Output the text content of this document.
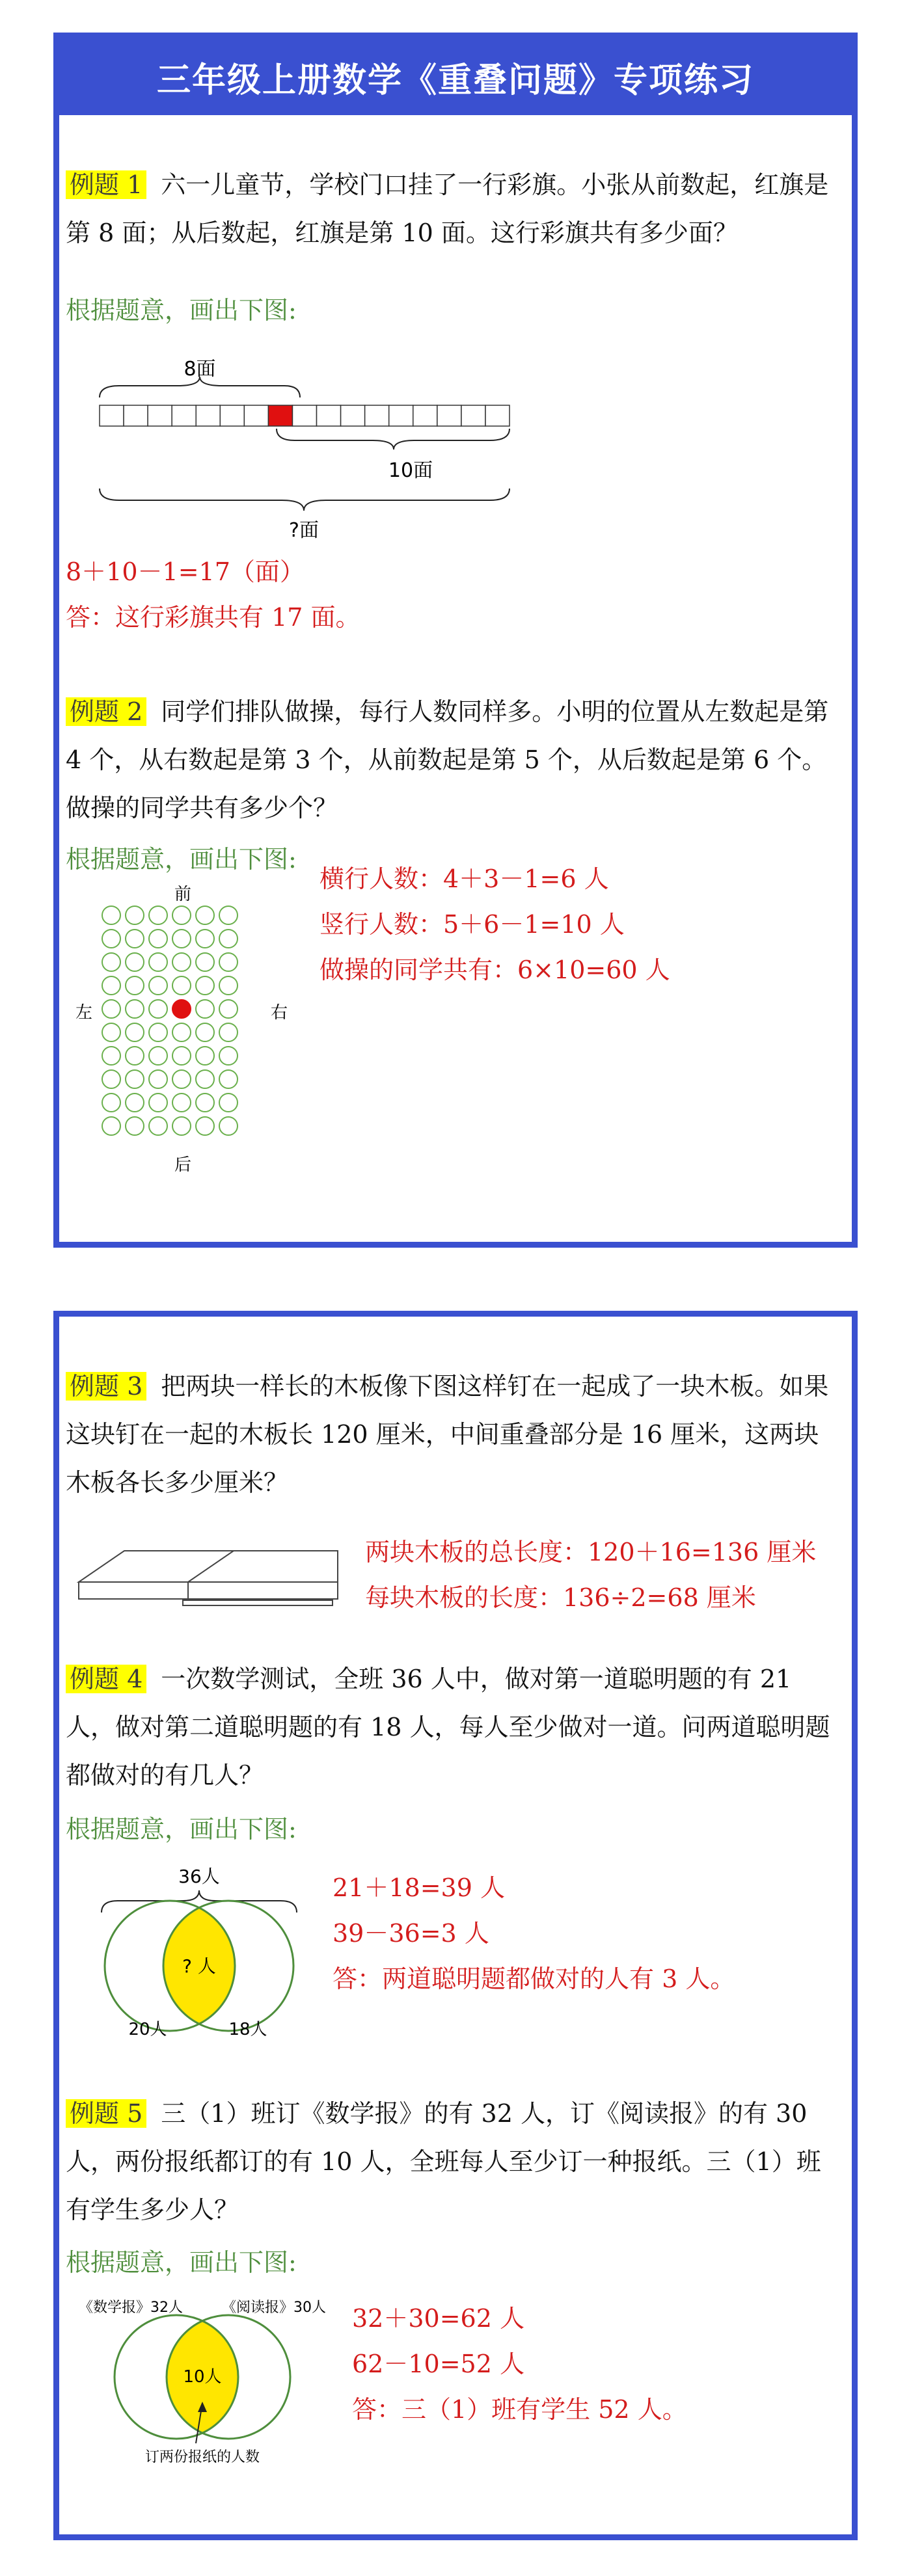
三年级上册数学《重叠问题》专项练习

例题 1 六一儿童节，学校门口挂了一行彩旗。小张从前数起，红旗是第 8 面；从后数起，红旗是第 10 面。这行彩旗共有多少面？

根据题意，画出下图:

8面
10面
?面

8＋10－1=17（面）

答：这行彩旗共有 17 面。

例题 2 同学们排队做操，每行人数同样多。小明的位置从左数起是第 4 个，从右数起是第 3 个，从前数起是第 5 个，从后数起是第 6 个。做操的同学共有多少个？

根据题意，画出下图:

前
左	右
后

横行人数：4＋3－1=6 人

竖行人数：5＋6－1=10 人

做操的同学共有：6×10=60 人

例题 3 把两块一样长的木板像下图这样钉在一起成了一块木板。如果这块钉在一起的木板长 120 厘米，中间重叠部分是 16 厘米，这两块木板各长多少厘米？

两块木板的总长度：120＋16=136 厘米

每块木板的长度：136÷2=68 厘米

例题 4 一次数学测试，全班 36 人中，做对第一道聪明题的有 21 人，做对第二道聪明题的有 18 人，每人至少做对一道。问两道聪明题都做对的有几人？

根据题意，画出下图:

36人
? 人
20人	18人

21＋18=39 人

39－36=3 人

答：两道聪明题都做对的人有 3 人。

例题 5 三（1）班订《数学报》的有 32 人，订《阅读报》的有 30 人，两份报纸都订的有 10 人，全班每人至少订一种报纸。三（1）班有学生多少人？

根据题意，画出下图:

《数学报》32人	《阅读报》30人
10人
订两份报纸的人数

32＋30=62 人

62－10=52 人

答：三（1）班有学生 52 人。
